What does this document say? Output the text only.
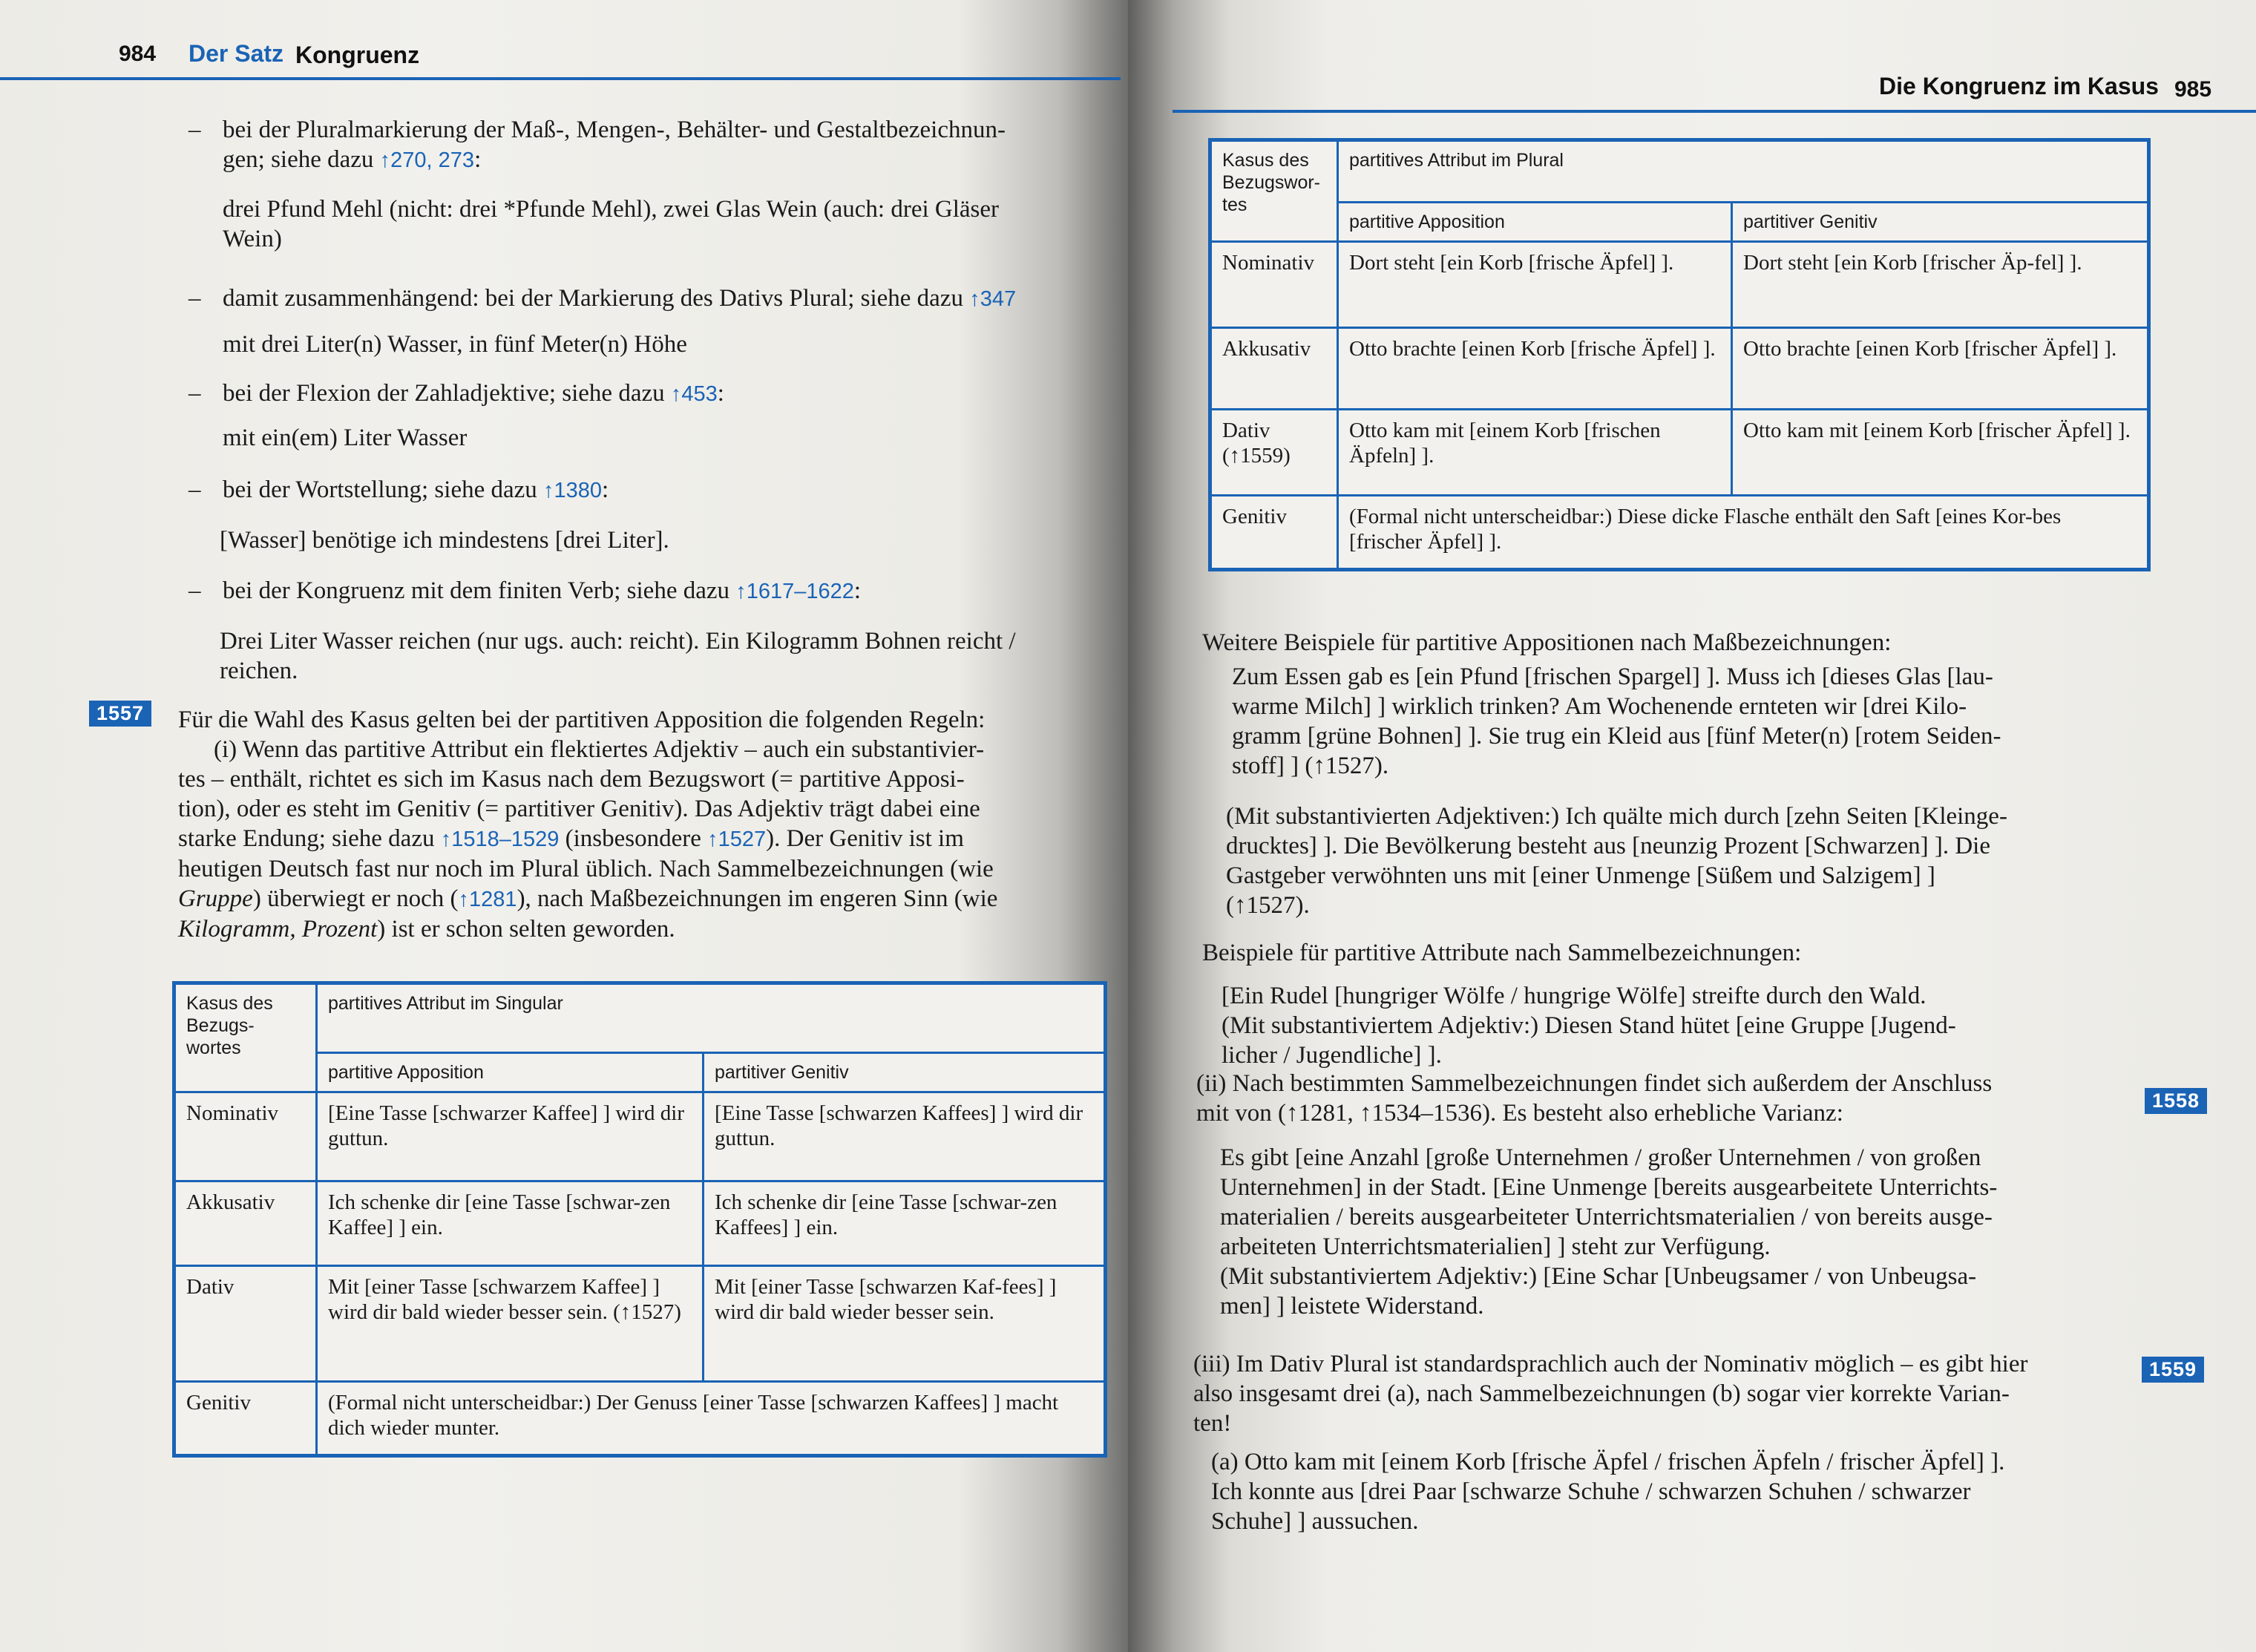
984 Der Satz Kongruenz
– bei der Pluralmarkierung der Maß-, Mengen-, Behälter- und Gestaltbezeichnun-
gen; siehe dazu ↑270, 273:
drei Pfund Mehl (nicht: drei *Pfunde Mehl), zwei Glas Wein (auch: drei Gläser
Wein)
– damit zusammenhängend: bei der Markierung des Dativs Plural; siehe dazu ↑347
mit drei Liter(n) Wasser, in fünf Meter(n) Höhe
– bei der Flexion der Zahladjektive; siehe dazu ↑453:
mit ein(em) Liter Wasser
– bei der Wortstellung; siehe dazu ↑1380:
[Wasser] benötige ich mindestens [drei Liter].
– bei der Kongruenz mit dem finiten Verb; siehe dazu ↑1617–1622:
Drei Liter Wasser reichen (nur ugs. auch: reicht). Ein Kilogramm Bohnen reicht /
reichen.
1557	Für die Wahl des Kasus gelten bei der partitiven Apposition die folgenden Regeln:
(i) Wenn das partitive Attribut ein flektiertes Adjektiv – auch ein substantivier-
tes – enthält, richtet es sich im Kasus nach dem Bezugswort (= partitive Apposi-
tion), oder es steht im Genitiv (= partitiver Genitiv). Das Adjektiv trägt dabei eine
starke Endung; siehe dazu ↑1518–1529 (insbesondere ↑1527). Der Genitiv ist im
heutigen Deutsch fast nur noch im Plural üblich. Nach Sammelbezeichnungen (wie
Gruppe) überwiegt er noch (↑1281), nach Maßbezeichnungen im engeren Sinn (wie
Kilogramm, Prozent) ist er schon selten geworden.
Kasus des Bezugs-wortes	partitives Attribut im Singular	
	partitive Apposition	partitiver Genitiv
Nominativ	[Eine Tasse [schwarzer Kaffee] ] wird dir guttun.	[Eine Tasse [schwarzen Kaffees] ] wird dir guttun.
Akkusativ	Ich schenke dir [eine Tasse [schwar-zen Kaffee] ] ein.	Ich schenke dir [eine Tasse [schwar-zen Kaffees] ] ein.
Dativ	Mit [einer Tasse [schwarzem Kaffee] ] wird dir bald wieder besser sein. (↑1527)	Mit [einer Tasse [schwarzen Kaf-fees] ] wird dir bald wieder besser sein.
Genitiv	(Formal nicht unterscheidbar:) Der Genuss [einer Tasse [schwarzen Kaffees] ] macht dich wieder munter.	
Die Kongruenz im Kasus 985
Kasus des Bezugswor-tes	partitives Attribut im Plural	
	partitive Apposition	partitiver Genitiv
Nominativ	Dort steht [ein Korb [frische Äpfel] ].	Dort steht [ein Korb [frischer Äp-fel] ].
Akkusativ	Otto brachte [einen Korb [frische Äpfel] ].	Otto brachte [einen Korb [frischer Äpfel] ].
Dativ (↑1559)	Otto kam mit [einem Korb [frischen Äpfeln] ].	Otto kam mit [einem Korb [frischer Äpfel] ].
Genitiv	(Formal nicht unterscheidbar:) Diese dicke Flasche enthält den Saft [eines Kor-bes [frischer Äpfel] ].	
Weitere Beispiele für partitive Appositionen nach Maßbezeichnungen:
Zum Essen gab es [ein Pfund [frischen Spargel] ]. Muss ich [dieses Glas [lau-
warme Milch] ] wirklich trinken? Am Wochenende ernteten wir [drei Kilo-
gramm [grüne Bohnen] ]. Sie trug ein Kleid aus [fünf Meter(n) [rotem Seiden-
stoff] ] (↑1527).
(Mit substantivierten Adjektiven:) Ich quälte mich durch [zehn Seiten [Kleinge-
drucktes] ]. Die Bevölkerung besteht aus [neunzig Prozent [Schwarzen] ]. Die
Gastgeber verwöhnten uns mit [einer Unmenge [Süßem und Salzigem] ]
(↑1527).
Beispiele für partitive Attribute nach Sammelbezeichnungen:
[Ein Rudel [hungriger Wölfe / hungrige Wölfe] streifte durch den Wald.
(Mit substantiviertem Adjektiv:) Diesen Stand hütet [eine Gruppe [Jugend-
licher / Jugendliche] ].
(ii) Nach bestimmten Sammelbezeichnungen findet sich außerdem der Anschluss
mit von (↑1281, ↑1534–1536). Es besteht also erhebliche Varianz:	1558
Es gibt [eine Anzahl [große Unternehmen / großer Unternehmen / von großen
Unternehmen] in der Stadt. [Eine Unmenge [bereits ausgearbeitete Unterrichts-
materialien / bereits ausgearbeiteter Unterrichtsmaterialien / von bereits ausge-
arbeiteten Unterrichtsmaterialien] ] steht zur Verfügung.
(Mit substantiviertem Adjektiv:) [Eine Schar [Unbeugsamer / von Unbeugsa-
men] ] leistete Widerstand.
(iii) Im Dativ Plural ist standardsprachlich auch der Nominativ möglich – es gibt hier
also insgesamt drei (a), nach Sammelbezeichnungen (b) sogar vier korrekte Varian-
ten!
1559
(a) Otto kam mit [einem Korb [frische Äpfel / frischen Äpfeln / frischer Äpfel] ].
Ich konnte aus [drei Paar [schwarze Schuhe / schwarzen Schuhen / schwarzer
Schuhe] ] aussuchen.
